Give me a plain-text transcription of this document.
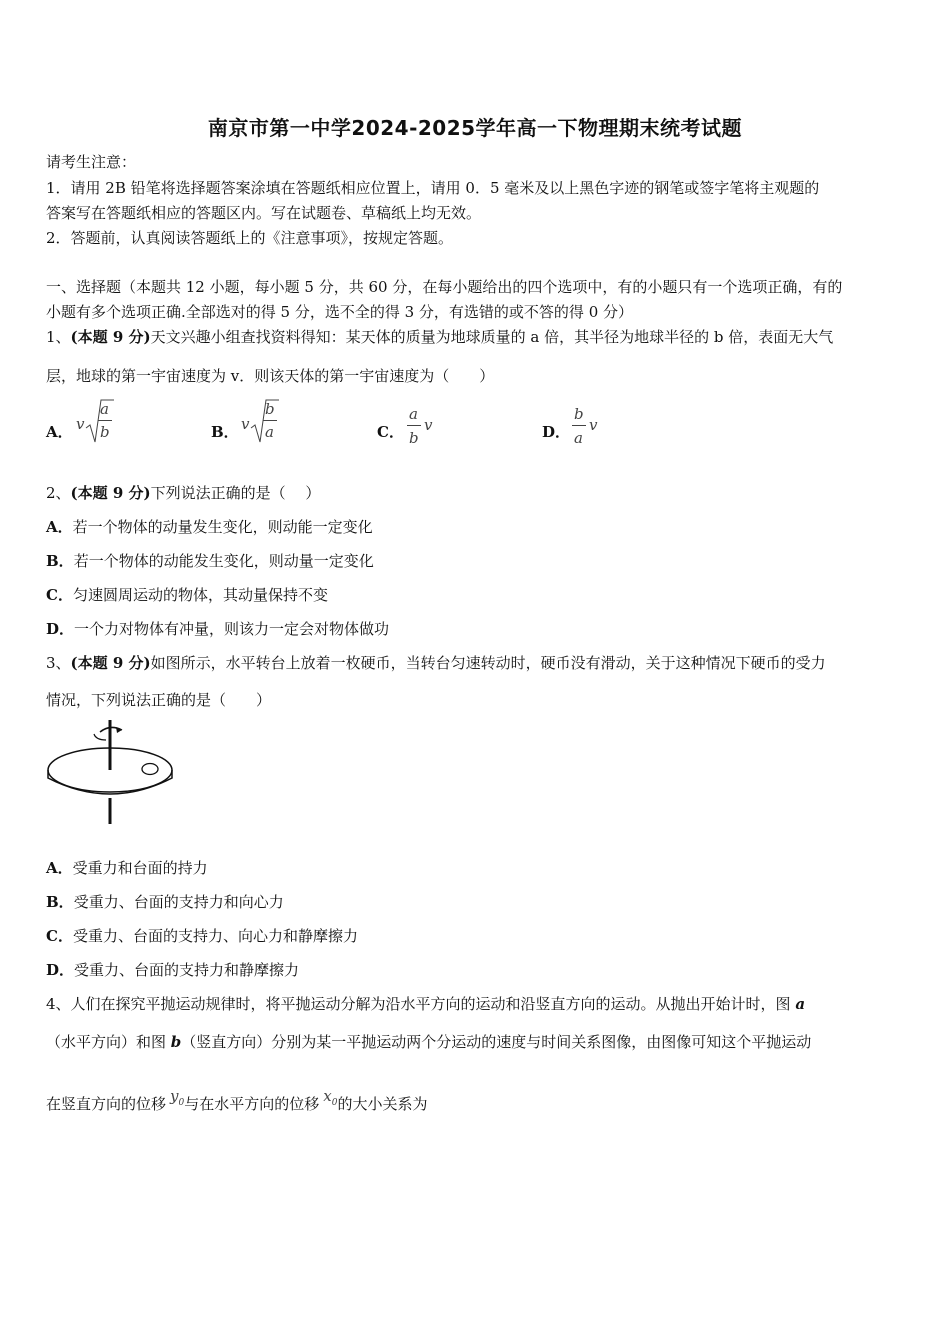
南京市第一中学2024-2025学年高一下物理期末统考试题
请考生注意：
1．请用 2B 铅笔将选择题答案涂填在答题纸相应位置上，请用 0．5 毫米及以上黑色字迹的钢笔或签字笔将主观题的
答案写在答题纸相应的答题区内。写在试题卷、草稿纸上均无效。
2．答题前，认真阅读答题纸上的《注意事项》，按规定答题。
一、选择题（本题共 12 小题，每小题 5 分，共 60 分，在每小题给出的四个选项中，有的小题只有一个选项正确，有的
小题有多个选项正确.全部选对的得 5 分，选不全的得 3 分，有选错的或不答的得 0 分）
1、(本题 9 分)天文兴趣小组查找资料得知：某天体的质量为地球质量的 a 倍，其半径为地球半径的 b 倍，表面无大气
层，地球的第一宇宙速度为 v．则该天体的第一宇宙速度为（　　）
A． v
a
b	B． v
b
a	C．
a
b
v	D．
b
a
v
2、(本题 9 分)下列说法正确的是（　 ）
A．若一个物体的动量发生变化，则动能一定变化
B．若一个物体的动能发生变化，则动量一定变化
C．匀速圆周运动的物体，其动量保持不变
D．一个力对物体有冲量，则该力一定会对物体做功
3、(本题 9 分)如图所示，水平转台上放着一枚硬币，当转台匀速转动时，硬币没有滑动，关于这种情况下硬币的受力
情况，下列说法正确的是（　　）
A．受重力和台面的持力
B．受重力、台面的支持力和向心力
C．受重力、台面的支持力、向心力和静摩擦力
D．受重力、台面的支持力和静摩擦力
4、人们在探究平抛运动规律时，将平抛运动分解为沿水平方向的运动和沿竖直方向的运动。从抛出开始计时，图 a
（水平方向）和图 b（竖直方向）分别为某一平抛运动两个分运动的速度与时间关系图像，由图像可知这个平抛运动
在竖直方向的位移 $y_0$与在水平方向的位移 $x_0$的大小关系为
